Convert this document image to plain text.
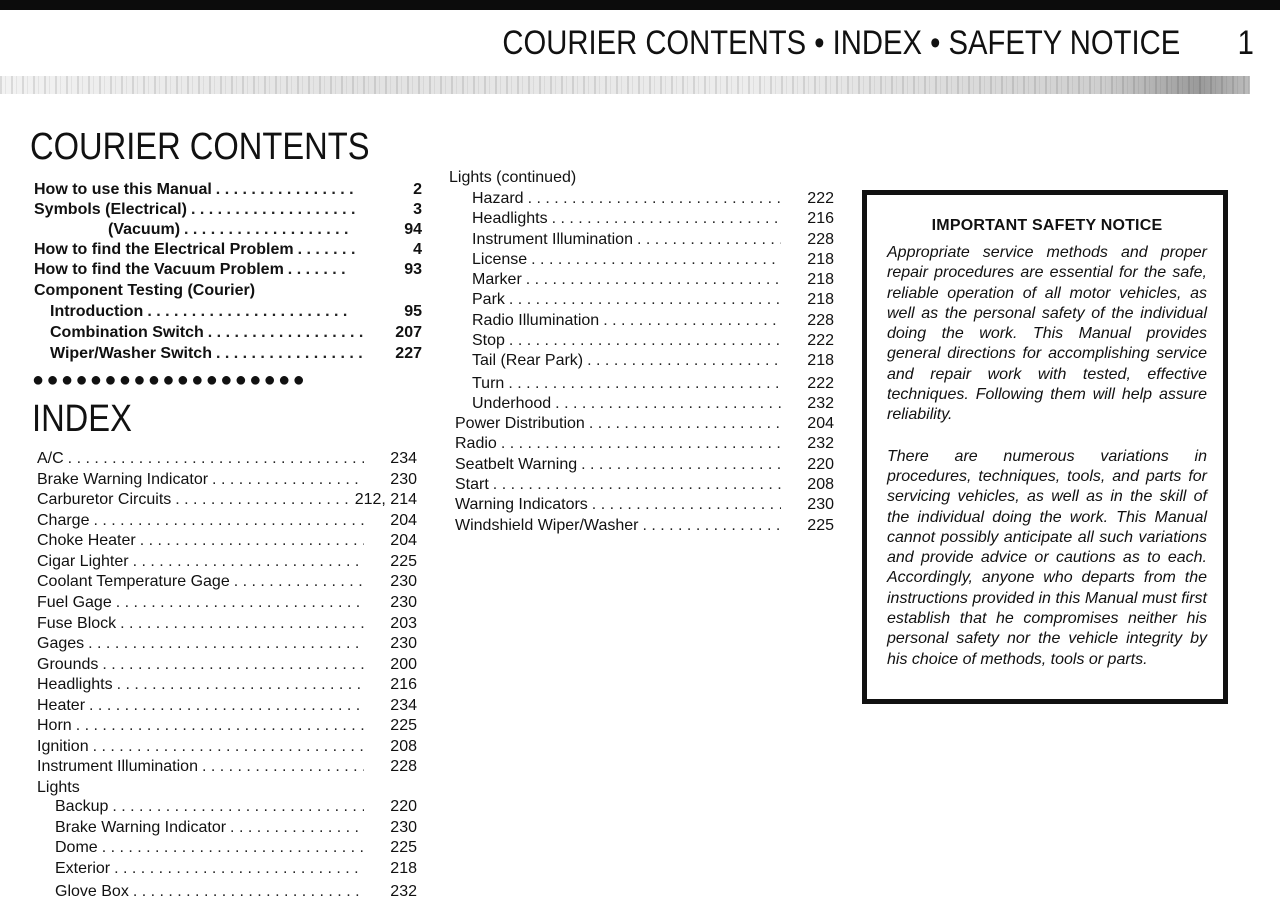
COURIER CONTENTS • INDEX • SAFETY NOTICE 1
COURIER CONTENTS
How to use this Manual . . .	2
Symbols (Electrical) . . .	3
(Vacuum) . . .	94
How to find the Electrical Problem . . .	4
How to find the Vacuum Problem . . .	93
Component Testing (Courier)
Introduction . . .	95
Combination Switch . . .	207
Wiper/Washer Switch . . .	227
●●●●●●●●●●●●●●●●●●●
INDEX
A/C . . .	234
Brake Warning Indicator . . .	230
Carburetor Circuits . . .	212, 214
Charge . . .	204
Choke Heater . . .	204
Cigar Lighter . . .	225
Coolant Temperature Gage . . .	230
Fuel Gage . . .	230
Fuse Block . . .	203
Gages . . .	230
Grounds . . .	200
Headlights . . .	216
Heater . . .	234
Horn . . .	225
Ignition . . .	208
Instrument Illumination . . .	228
Lights
Backup . . .	220
Brake Warning Indicator . . .	230
Dome . . .	225
Exterior . . .	218
Glove Box . . .	232
Lights (continued)
Hazard . . .	222
Headlights . . .	216
Instrument Illumination . . .	228
License . . .	218
Marker . . .	218
Park . . .	218
Radio Illumination . . .	228
Stop . . .	222
Tail (Rear Park) . . .	218
Turn . . .	222
Underhood . . .	232
Power Distribution . . .	204
Radio . . .	232
Seatbelt Warning . . .	220
Start . . .	208
Warning Indicators . . .	230
Windshield Wiper/Washer . . .	225
IMPORTANT SAFETY NOTICE

Appropriate service methods and proper repair procedures are essential for the safe, reliable operation of all motor vehicles, as well as the personal safety of the individual doing the work. This Manual provides general directions for accomplishing service and repair work with tested, effective techniques. Following them will help assure reliability.

There are numerous variations in procedures, techniques, tools, and parts for servicing vehicles, as well as in the skill of the individual doing the work. This Manual cannot possibly anticipate all such variations and provide advice or cautions as to each. Accordingly, anyone who departs from the instructions provided in this Manual must first establish that he compromises neither his personal safety nor the vehicle integrity by his choice of methods, tools or parts.
